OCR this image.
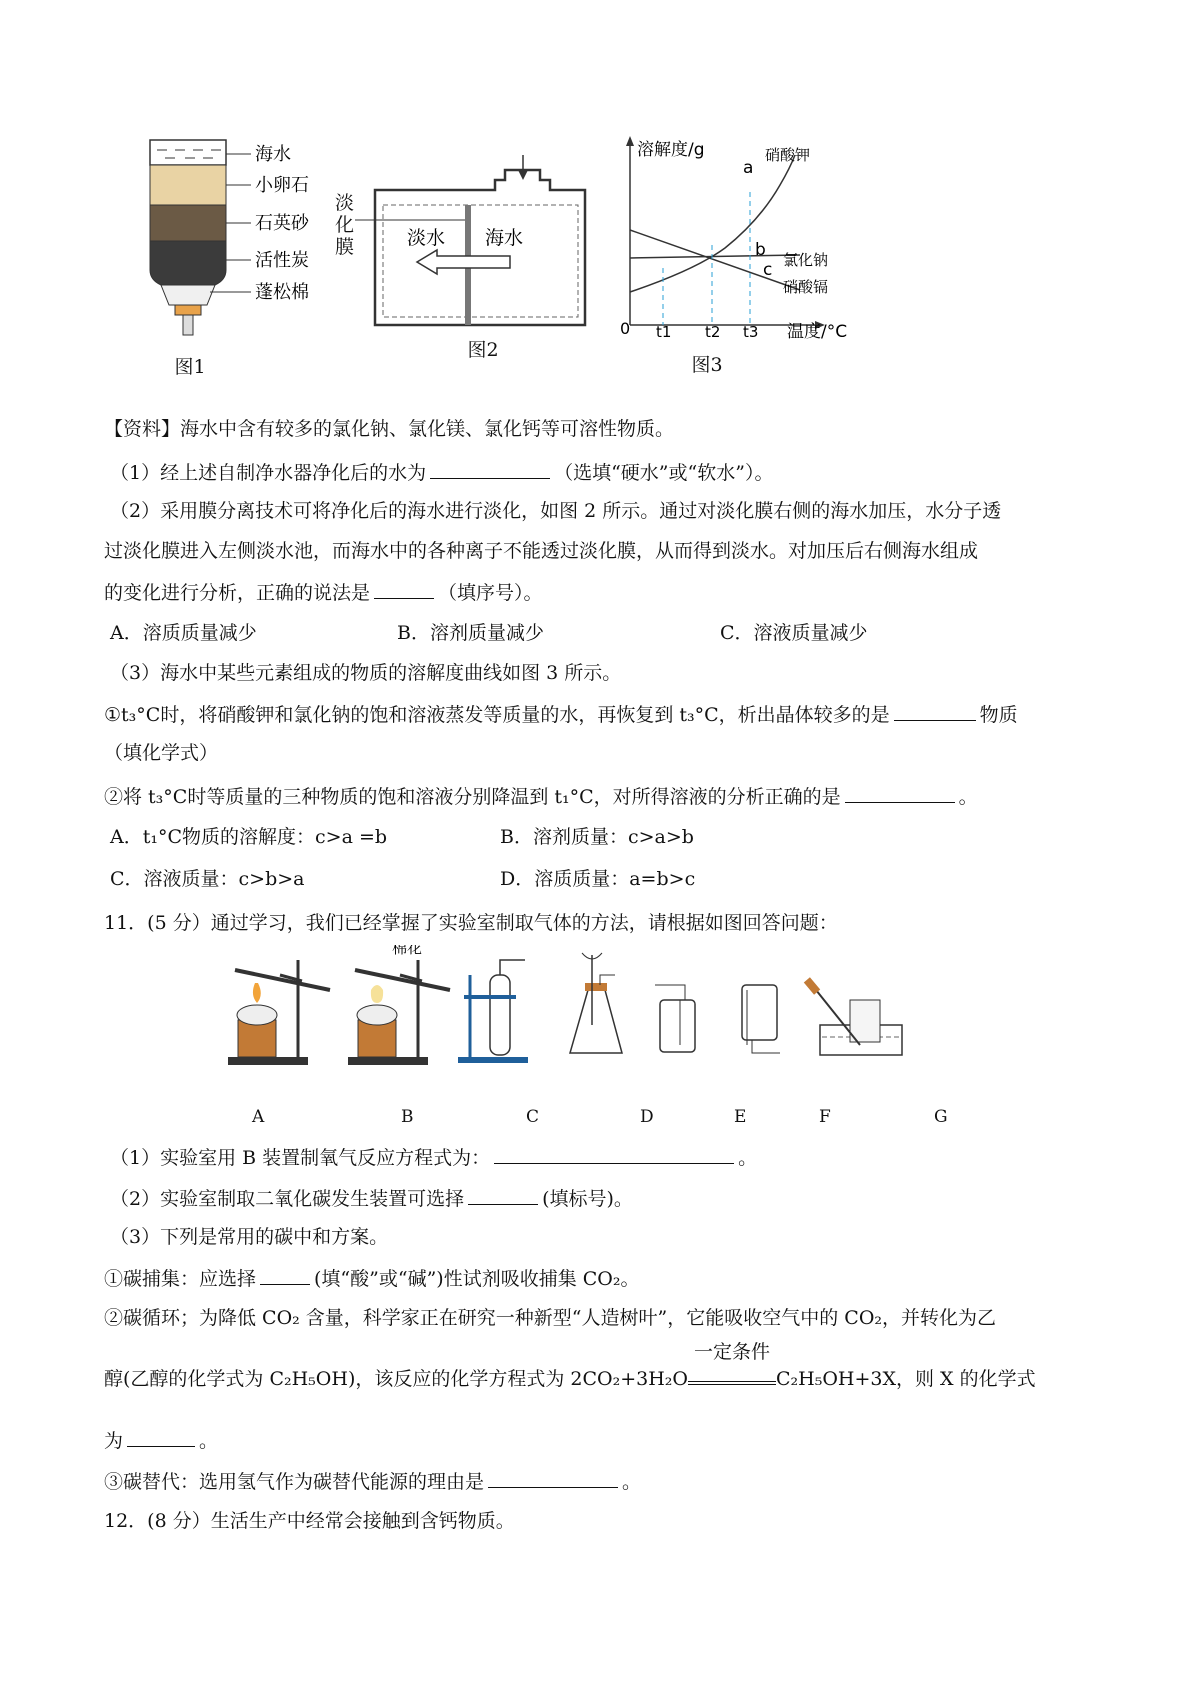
海水
小卵石
石英砂
活性炭
蓬松棉
图1
淡水 海水
淡
化
膜
图2
溶解度/g
a
硝酸钾
b 氯化钠
c
硝酸镉
0 t1 t2 t3 温度/°C
图3
【资料】海水中含有较多的氯化钠、氯化镁、氯化钙等可溶性物质。
（1）经上述自制净水器净化后的水为	（选填“硬水”或“软水”）。
（2）采用膜分离技术可将净化后的海水进行淡化，如图 2 所示。通过对淡化膜右侧的海水加压，水分子透
过淡化膜进入左侧淡水池，而海水中的各种离子不能透过淡化膜，从而得到淡水。对加压后右侧海水组成
的变化进行分析，正确的说法是	（填序号）。
A．溶质质量减少	B．溶剂质量减少	C．溶液质量减少
（3）海水中某些元素组成的物质的溶解度曲线如图 3 所示。
①t₃°C时，将硝酸钾和氯化钠的饱和溶液蒸发等质量的水，再恢复到 t₃°C，析出晶体较多的是	物质
（填化学式）
②将 t₃°C时等质量的三种物质的饱和溶液分别降温到 t₁°C，对所得溶液的分析正确的是	。
A．t₁°C物质的溶解度：c>a =b	B．溶剂质量：c>a>b
C．溶液质量：c>b>a	D．溶质质量：a=b>c
11．(5 分）通过学习，我们已经掌握了实验室制取气体的方法，请根据如图回答问题：
棉花
A	B	C	D	E	F	G
（1）实验室用 B 装置制氧气反应方程式为：	。
（2）实验室制取二氧化碳发生装置可选择	(填标号)。
（3）下列是常用的碳中和方案。
①碳捕集：应选择	(填“酸”或“碱”)性试剂吸收捕集 CO₂。
②碳循环；为降低 CO₂ 含量，科学家正在研究一种新型“人造树叶”，它能吸收空气中的 CO₂，并转化为乙
醇(乙醇的化学式为 C₂H₅OH)，该反应的化学方程式为 2CO₂+3H₂O
一定条件
C₂H₅OH+3X，则 X 的化学式
为	。
③碳替代：选用氢气作为碳替代能源的理由是	。
12．(8 分）生活生产中经常会接触到含钙物质。
